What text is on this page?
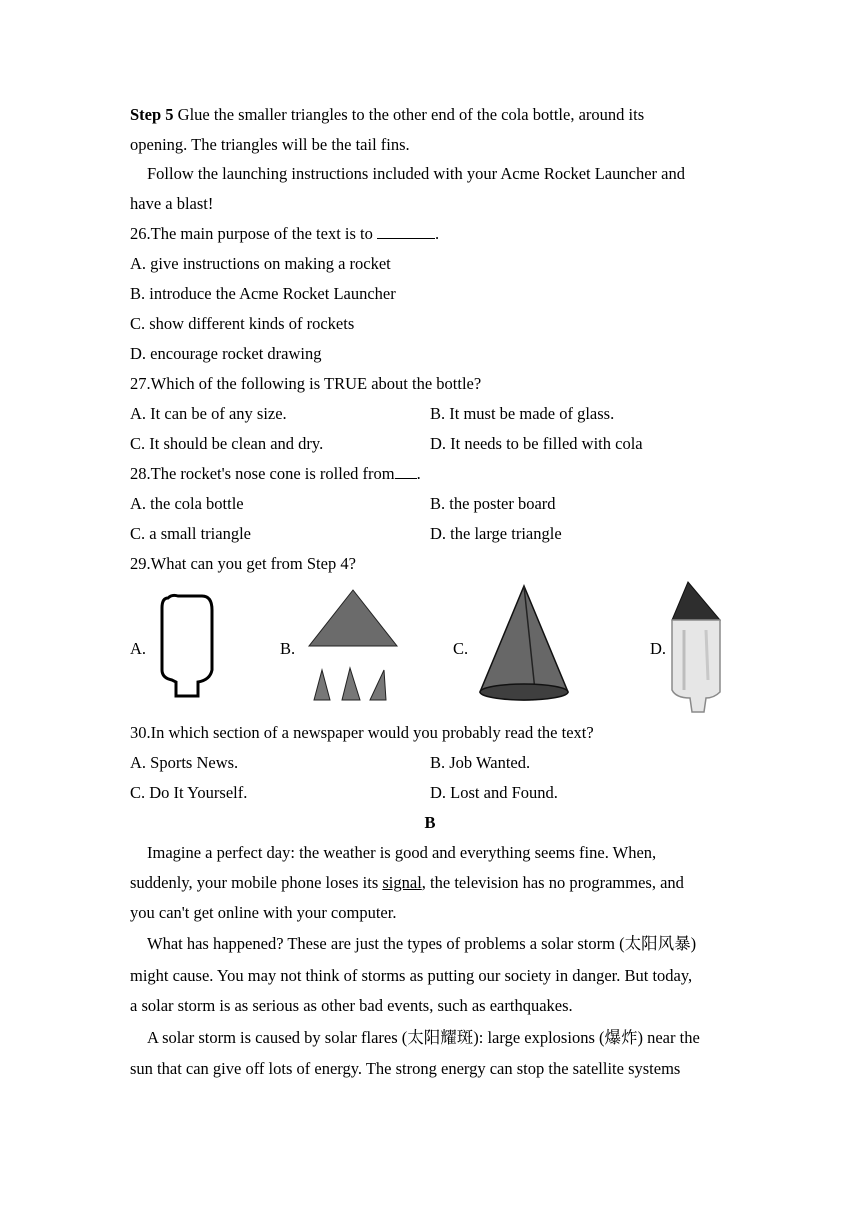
Step 5 Glue the smaller triangles to the other end of the cola bottle, around its
opening. The triangles will be the tail fins.
Follow the launching instructions included with your Acme Rocket Launcher and
have a blast!
26.The main purpose of the text is to	.
A. give instructions on making a rocket
B. introduce the Acme Rocket Launcher
C. show different kinds of rockets
D. encourage rocket drawing
27.Which of the following is TRUE about the bottle?
A. It can be of any size.	B. It must be made of glass.
C. It should be clean and dry.	D. It needs to be filled with cola
28.The rocket's nose cone is rolled from .
A. the cola bottle	B. the poster board
C. a small triangle	D. the large triangle
29.What can you get from Step 4?
A.	B.	C.	D.
30.In which section of a newspaper would you probably read the text?
A. Sports News.	B. Job Wanted.
C. Do It Yourself.	D. Lost and Found.
B
Imagine a perfect day: the weather is good and everything seems fine. When,
suddenly, your mobile phone loses its signal, the television has no programmes, and
you can't get online with your computer.
What has happened? These are just the types of problems a solar storm (太阳风暴)
might cause. You may not think of storms as putting our society in danger. But today,
a solar storm is as serious as other bad events, such as earthquakes.
A solar storm is caused by solar flares (太阳耀斑): large explosions (爆炸) near the
sun that can give off lots of energy. The strong energy can stop the satellite systems
